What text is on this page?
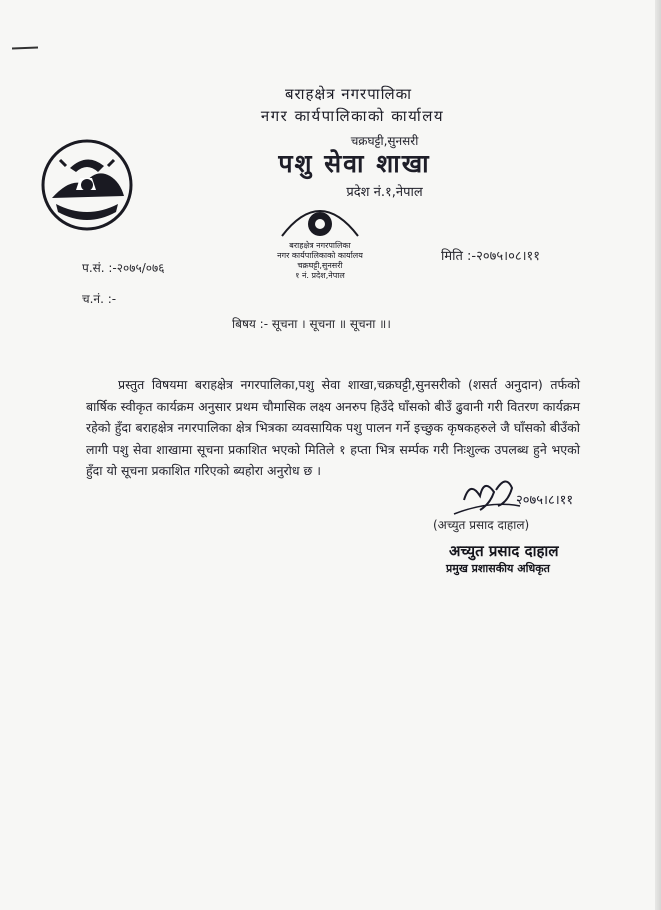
बराहक्षेत्र नगरपालिका
नगर कार्यपालिकाको कार्यालय
चक्रघट्टी,सुनसरी
पशु सेवा शाखा
प्रदेश नं.१,नेपाल
बराहक्षेत्र नगरपालिका
नगर कार्यपालिकाको कार्यालय
चक्रघट्टी,सुनसरी
१ नं. प्रदेश,नेपाल
प.सं. :-२०७५/०७६
च.नं. :-
मिति :-२०७५।०८।११
बिषय :- सूचना । सूचना ॥ सूचना ॥।
प्रस्तुत विषयमा बराहक्षेत्र नगरपालिका,पशु सेवा शाखा,चक्रघट्टी,सुनसरीको (शसर्त अनुदान) तर्फको बार्षिक स्वीकृत कार्यक्रम अनुसार प्रथम चौमासिक लक्ष्य अनरुप हिउँदे घाँसको बीउँ ढुवानी गरी वितरण कार्यक्रम रहेको हुँदा बराहक्षेत्र नगरपालिका क्षेत्र भित्रका व्यवसायिक पशु पालन गर्ने इच्छुक कृषकहरुले जै घाँसको बीउँको लागी पशु सेवा शाखामा सूचना प्रकाशित भएको मितिले १ हप्ता भित्र सर्म्पक गरी निःशुल्क उपलब्ध हुने भएको हुँदा यो सूचना प्रकाशित गरिएको ब्यहोरा अनुरोध छ ।
२०७५।८।११
(अच्युत प्रसाद दाहाल)
अच्युत प्रसाद दाहाल
प्रमुख प्रशासकीय अधिकृत
